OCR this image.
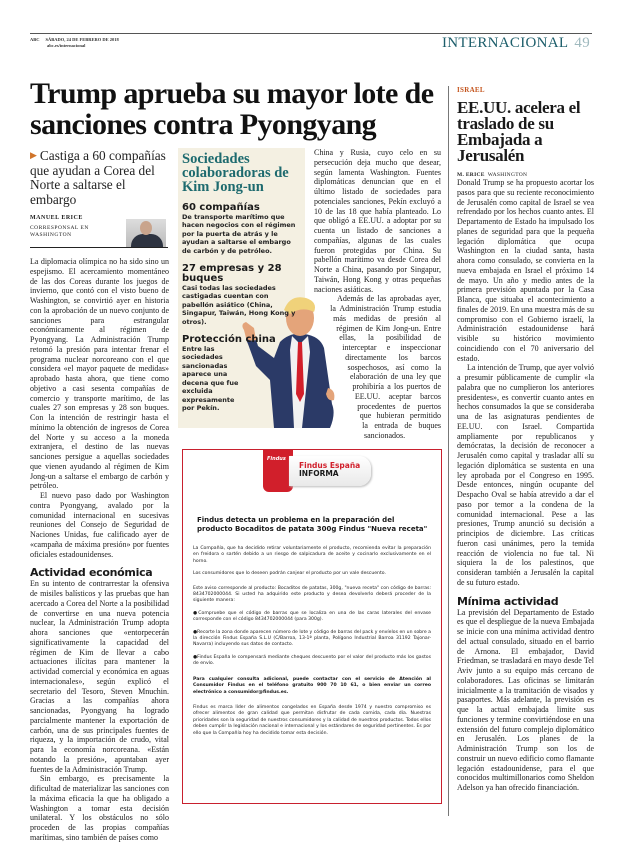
ABC SÁBADO, 24 DE FEBRERO DE 2018
abc.es/internacional	INTERNACIONAL 49
Trump aprueba su mayor lote de sanciones contra Pyongyang
▶ Castiga a 60 compañías que ayudan a Corea del Norte a saltarse el embargo
MANUEL ERICE
CORRESPONSAL EN WASHINGTON

La diplomacia olímpica no ha sido sino un espejismo. El acercamiento momentáneo de las dos Coreas durante los juegos de invierno, que contó con el visto bueno de Washington, se convirtió ayer en historia con la aprobación de un nuevo conjunto de sanciones para estrangular económicamente al régimen de Pyongyang. La Administración Trump retomó la presión para intentar frenar el programa nuclear norcoreano con el que considera «el mayor paquete de medidas» aprobado hasta ahora, que tiene como objetivo a casi sesenta compañías de comercio y transporte marítimo, de las cuales 27 son empresas y 28 son buques. Con la intención de restringir hasta el mínimo la obtención de ingresos de Corea del Norte y su acceso a la moneda extranjera, el destino de las nuevas sanciones persigue a aquellas sociedades que vienen ayudando al régimen de Kim Jong-un a saltarse el embargo de carbón y petróleo.

El nuevo paso dado por Washington contra Pyongyang, avalado por la comunidad internacional en sucesivas reuniones del Consejo de Seguridad de Naciones Unidas, fue calificado ayer de «campaña de máxima presión» por fuentes oficiales estadounidenses.

Actividad económica

En su intento de contrarrestar la ofensiva de misiles balísticos y las pruebas que han acercado a Corea del Norte a la posibilidad de convertirse en una nueva potencia nuclear, la Administración Trump adopta ahora sanciones que «entorpecerán significativamente la capacidad del régimen de Kim de llevar a cabo actuaciones ilícitas para mantener la actividad comercial y económica en aguas internacionales», según explicó el secretario del Tesoro, Steven Mnuchin. Gracias a las compañías ahora sancionadas, Pyongyang ha logrado parcialmente mantener la exportación de carbón, una de sus principales fuentes de riqueza, y la importación de crudo, vital para la economía norcoreana. «Están notando la presión», apuntaban ayer fuentes de la Administración Trump.

Sin embargo, es precisamente la dificultad de materializar las sanciones con la máxima eficacia la que ha obligado a Washington a tomar esta decisión unilateral. Y los obstáculos no sólo proceden de las propias compañías marítimas, sino también de países como

Sociedades colaboradoras de Kim Jong-un
60 compañías
De transporte marítimo que hacen negocios con el régimen por la puerta de atrás y le ayudan a saltarse el embargo de carbón y de petróleo.
27 empresas y 28 buques
Casi todas las sociedades castigadas cuentan con pabellón asiático (China, Singapur, Taiwán, Hong Kong y otros).
Protección china
Entre las sociedades sancionadas aparece una decena que fue excluida expresamente por Pekín.

China y Rusia, cuyo celo en su persecución deja mucho que desear, según lamenta Washington. Fuentes diplomáticas denuncian que en el último listado de sociedades para potenciales sanciones, Pekín excluyó a 10 de las 18 que había planteado. Lo que obligó a EE.UU. a adoptar por su cuenta un listado de sanciones a compañías, algunas de las cuales fueron protegidas por China. Su pabellón marítimo va desde Corea del Norte a China, pasando por Singapur, Taiwán, Hong Kong y otras pequeñas naciones asiáticas.

Además de las aprobadas ayer, la Administración Trump estudia más medidas de presión al régimen de Kim Jong-un. Entre ellas, la posibilidad de interceptar e inspeccionar directamente los barcos sospechosos, así como la elaboración de una ley que prohibiría a los puertos de EE.UU. aceptar barcos procedentes de puertos que hubieran permitido la entrada de buques sancionados.

Findus
Findus España
INFORMA
Findus detecta un problema en la preparación del producto Bocaditos de patata 300g Findus "Nueva receta"

La Compañía, que ha decidido retirar voluntariamente el producto, recomienda evitar la preparación en freidora o sartén debido a un riesgo de salpicadura de aceite y cocinarlo exclusivamente en el horno.

Los consumidores que lo deseen podrán canjear el producto por un vale descuento.

Este aviso corresponde al producto: Bocaditos de patatas, 300g, "nueva receta" con código de barras: 8434702000044. Si usted ha adquirido este producto y desea devolverlo deberá proceder de la siguiente manera:

●Compruebe que el código de barras que se localiza en una de las caras laterales del envase corresponde con el código 8434702000044 (para 300g).

●Recorte la zona donde aparecen número de lote y código de barras del pack y envíelos en un sobre a la dirección Findus España S.L.U (C/Barroa, 13-1ª planta, Polígono Industrial Barroa 31192 Tajonar-Navarra) incluyendo sus datos de contacto.

●Findus España le compensará mediante cheques descuento por el valor del producto más los gastos de envío.

Para cualquier consulta adicional, puede contactar con el servicio de Atención al Consumidor Findus en el teléfono gratuito 900 70 10 61, o bien enviar un correo electrónico a consumidor@findus.es.

Findus es marca líder de alimentos congelados en España desde 1974 y nuestro compromiso es ofrecer alimentos de gran calidad que permitan disfrutar de cada comida, cada día. Nuestras prioridades son la seguridad de nuestros consumidores y la calidad de nuestros productos. Todos ellos deben cumplir la legislación nacional e internacional y los estándares de seguridad pertinentes. Es por ello que la Compañía hoy ha decidido tomar esta decisión.

ISRAEL
EE.UU. acelera el traslado de su Embajada a Jerusalén
M. ERICE WASHINGTON

Donald Trump se ha propuesto acortar los pasos para que su reciente reconocimiento de Jerusalén como capital de Israel se vea refrendado por los hechos cuanto antes. El Departamento de Estado ha impulsado los planes de seguridad para que la pequeña legación diplomática que ocupa Washington en la ciudad santa, hasta ahora como consulado, se convierta en la nueva embajada en Israel el próximo 14 de mayo. Un año y medio antes de la primera previsión apuntada por la Casa Blanca, que situaba el acontecimiento a finales de 2019. En una muestra más de su compromiso con el Gobierno israelí, la Administración estadounidense hará visible su histórico movimiento coincidiendo con el 70 aniversario del estado.

La intención de Trump, que ayer volvió a presumir públicamente de cumplir «la palabra que no cumplieron los anteriores presidentes», es convertir cuanto antes en hechos consumados la que se consideraba una de las asignaturas pendientes de EE.UU. con Israel. Compartida ampliamente por republicanos y demócratas, la decisión de reconocer a Jerusalén como capital y trasladar allí su legación diplomática se sustenta en una ley aprobada por el Congreso en 1995. Desde entonces, ningún ocupante del Despacho Oval se había atrevido a dar el paso por temor a la condena de la comunidad internacional. Pese a las presiones, Trump anunció su decisión a principios de diciembre. Las críticas fueron casi unánimes, pero la temida reacción de violencia no fue tal. Ni siquiera la de los palestinos, que consideran también a Jerusalén la capital de su futuro estado.

Mínima actividad

La previsión del Departamento de Estado es que el despliegue de la nueva Embajada se inicie con una mínima actividad dentro del actual consulado, situado en el barrio de Arnona. El embajador, David Friedman, se trasladará en mayo desde Tel Aviv junto a su equipo más cercano de colaboradores. Las oficinas se limitarán inicialmente a la tramitación de visados y pasaportes. Más adelante, la previsión es que la actual embajada limite sus funciones y termine convirtiéndose en una extensión del futuro complejo diplomático en Jerusalén. Los planes de la Administración Trump son los de construir un nuevo edificio como flamante legación estadounidense, para el que conocidos multimillonarios como Sheldon Adelson ya han ofrecido financiación.
